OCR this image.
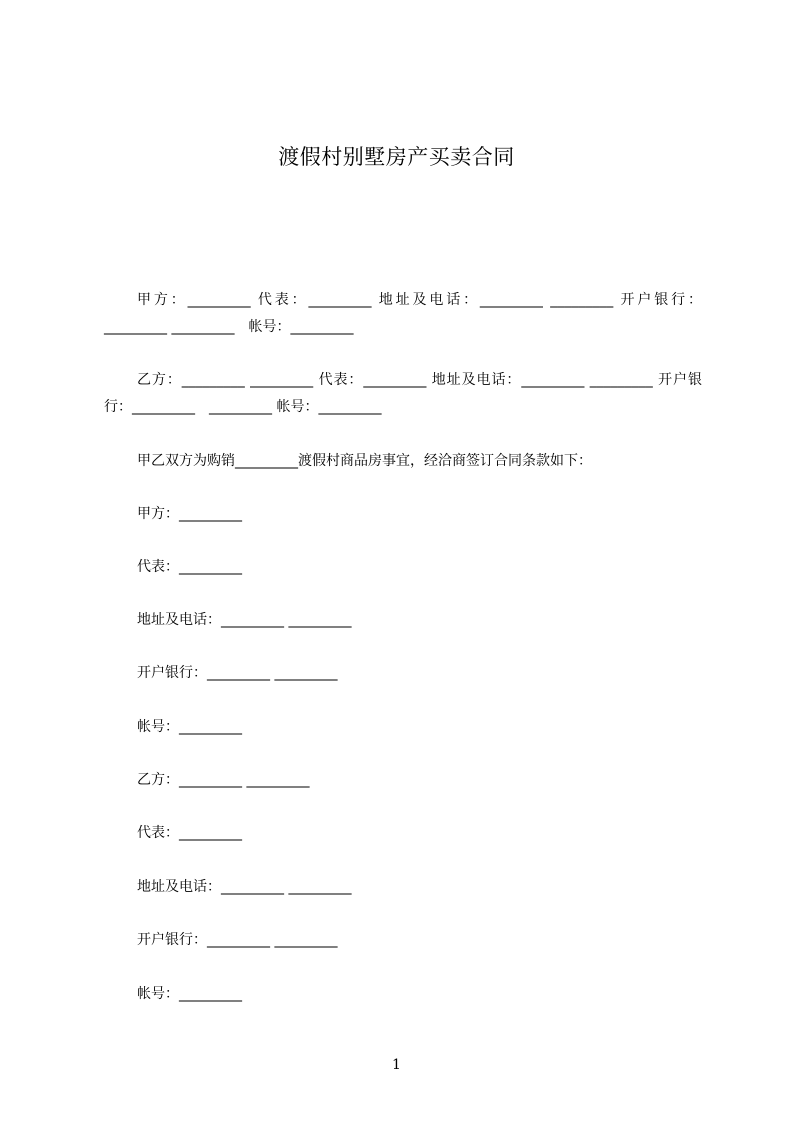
渡假村别墅房产买卖合同
甲方：_________ 代表：_________ 地址及电话：_________ _________ 开户银行：_________ _________　帐号：_________
乙方：_________ _________ 代表：_________ 地址及电话：_________ _________ 开户银行：_________　_________ 帐号：_________
甲乙双方为购销_________渡假村商品房事宜，经洽商签订合同条款如下：
甲方：_________
代表：_________
地址及电话：_________ _________
开户银行：_________ _________
帐号：_________
乙方：_________ _________
代表：_________
地址及电话：_________ _________
开户银行：_________ _________
帐号：_________
1
